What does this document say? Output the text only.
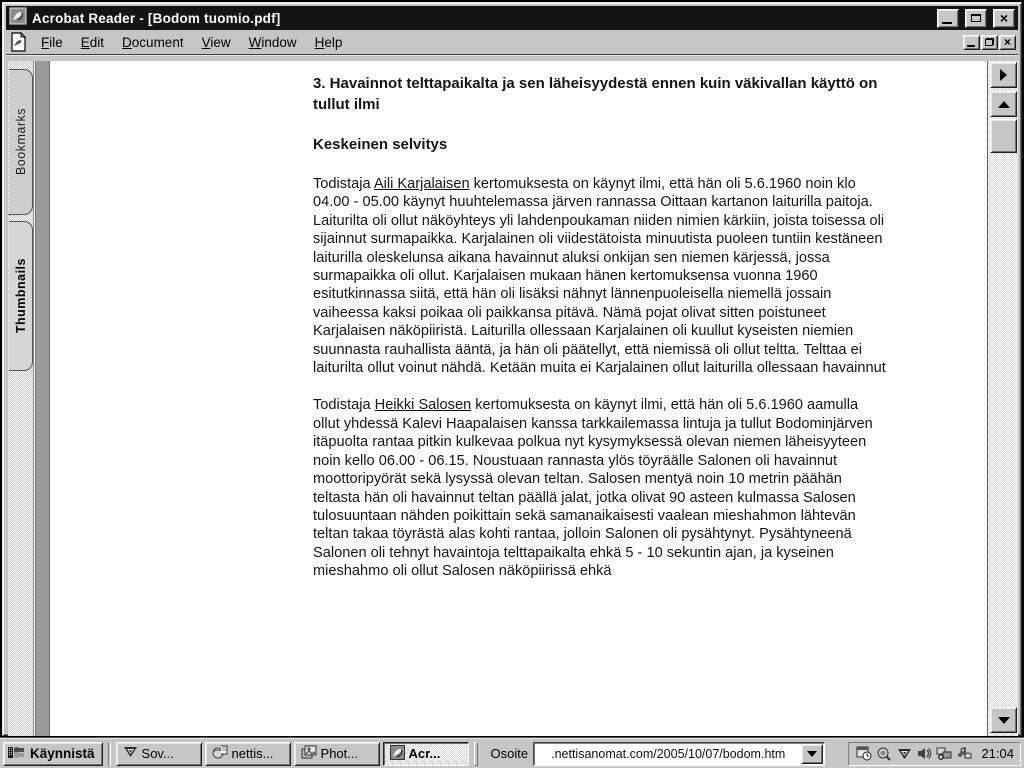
Acrobat Reader - [Bodom tuomio.pdf]	×
File	Edit	Document	View	Window	Help	×
Bookmarks
Thumbnails
3. Havainnot telttapaikalta ja sen läheisyydestä ennen kuin väkivallan käyttö on tullut ilmi
Keskeinen selvitys

Todistaja Aili Karjalaisen kertomuksesta on käynyt ilmi, että hän oli 5.6.1960 noin klo 04.00 - 05.00 käynyt huuhtelemassa järven rannassa Oittaan kartanon laiturilla paitoja. Laiturilta oli ollut näköyhteys yli lahdenpoukaman niiden nimien kärkiin, joista toisessa oli sijainnut surmapaikka. Karjalainen oli viidestätoista minuutista puoleen tuntiin kestäneen laiturilla oleskelunsa aikana havainnut aluksi onkijan sen niemen kärjessä, jossa surmapaikka oli ollut. Karjalaisen mukaan hänen kertomuksensa vuonna 1960 esitutkinnassa siitä, että hän oli lisäksi nähnyt lännenpuoleisella niemellä jossain vaiheessa kaksi poikaa oli paikkansa pitävä. Nämä pojat olivat sitten poistuneet Karjalaisen näköpiiristä. Laiturilla ollessaan Karjalainen oli kuullut kyseisten niemien suunnasta rauhallista ääntä, ja hän oli päätellyt, että niemissä oli ollut teltta. Telttaa ei laiturilta ollut voinut nähdä. Ketään muita ei Karjalainen ollut laiturilla ollessaan havainnut

Todistaja Heikki Salosen kertomuksesta on käynyt ilmi, että hän oli 5.6.1960 aamulla ollut yhdessä Kalevi Haapalaisen kanssa tarkkailemassa lintuja ja tullut Bodominjärven itäpuolta rantaa pitkin kulkevaa polkua nyt kysymyksessä olevan niemen läheisyyteen noin kello 06.00 - 06.15. Noustuaan rannasta ylös töyräälle Salonen oli havainnut moottoripyörät sekä lysyssä olevan teltan. Salosen mentyä noin 10 metrin päähän teltasta hän oli havainnut teltan päällä jalat, jotka olivat 90 asteen kulmassa Salosen tulosuuntaan nähden poikittain sekä samanaikaisesti vaalean mieshahmon lähtevän teltan takaa töyrästä alas kohti rantaa, jolloin Salonen oli pysähtynyt. Pysähtyneenä Salonen oli tehnyt havaintoja telttapaikalta ehkä 5 - 10 sekuntin ajan, ja kyseinen mieshahmo oli ollut Salosen näköpiirissä ehkä

Käynnistä	Sov...	nettis...	Phot...	Acr...	Osoite
.nettisanomat.com/2005/10/07/bodom.htm	21:04
